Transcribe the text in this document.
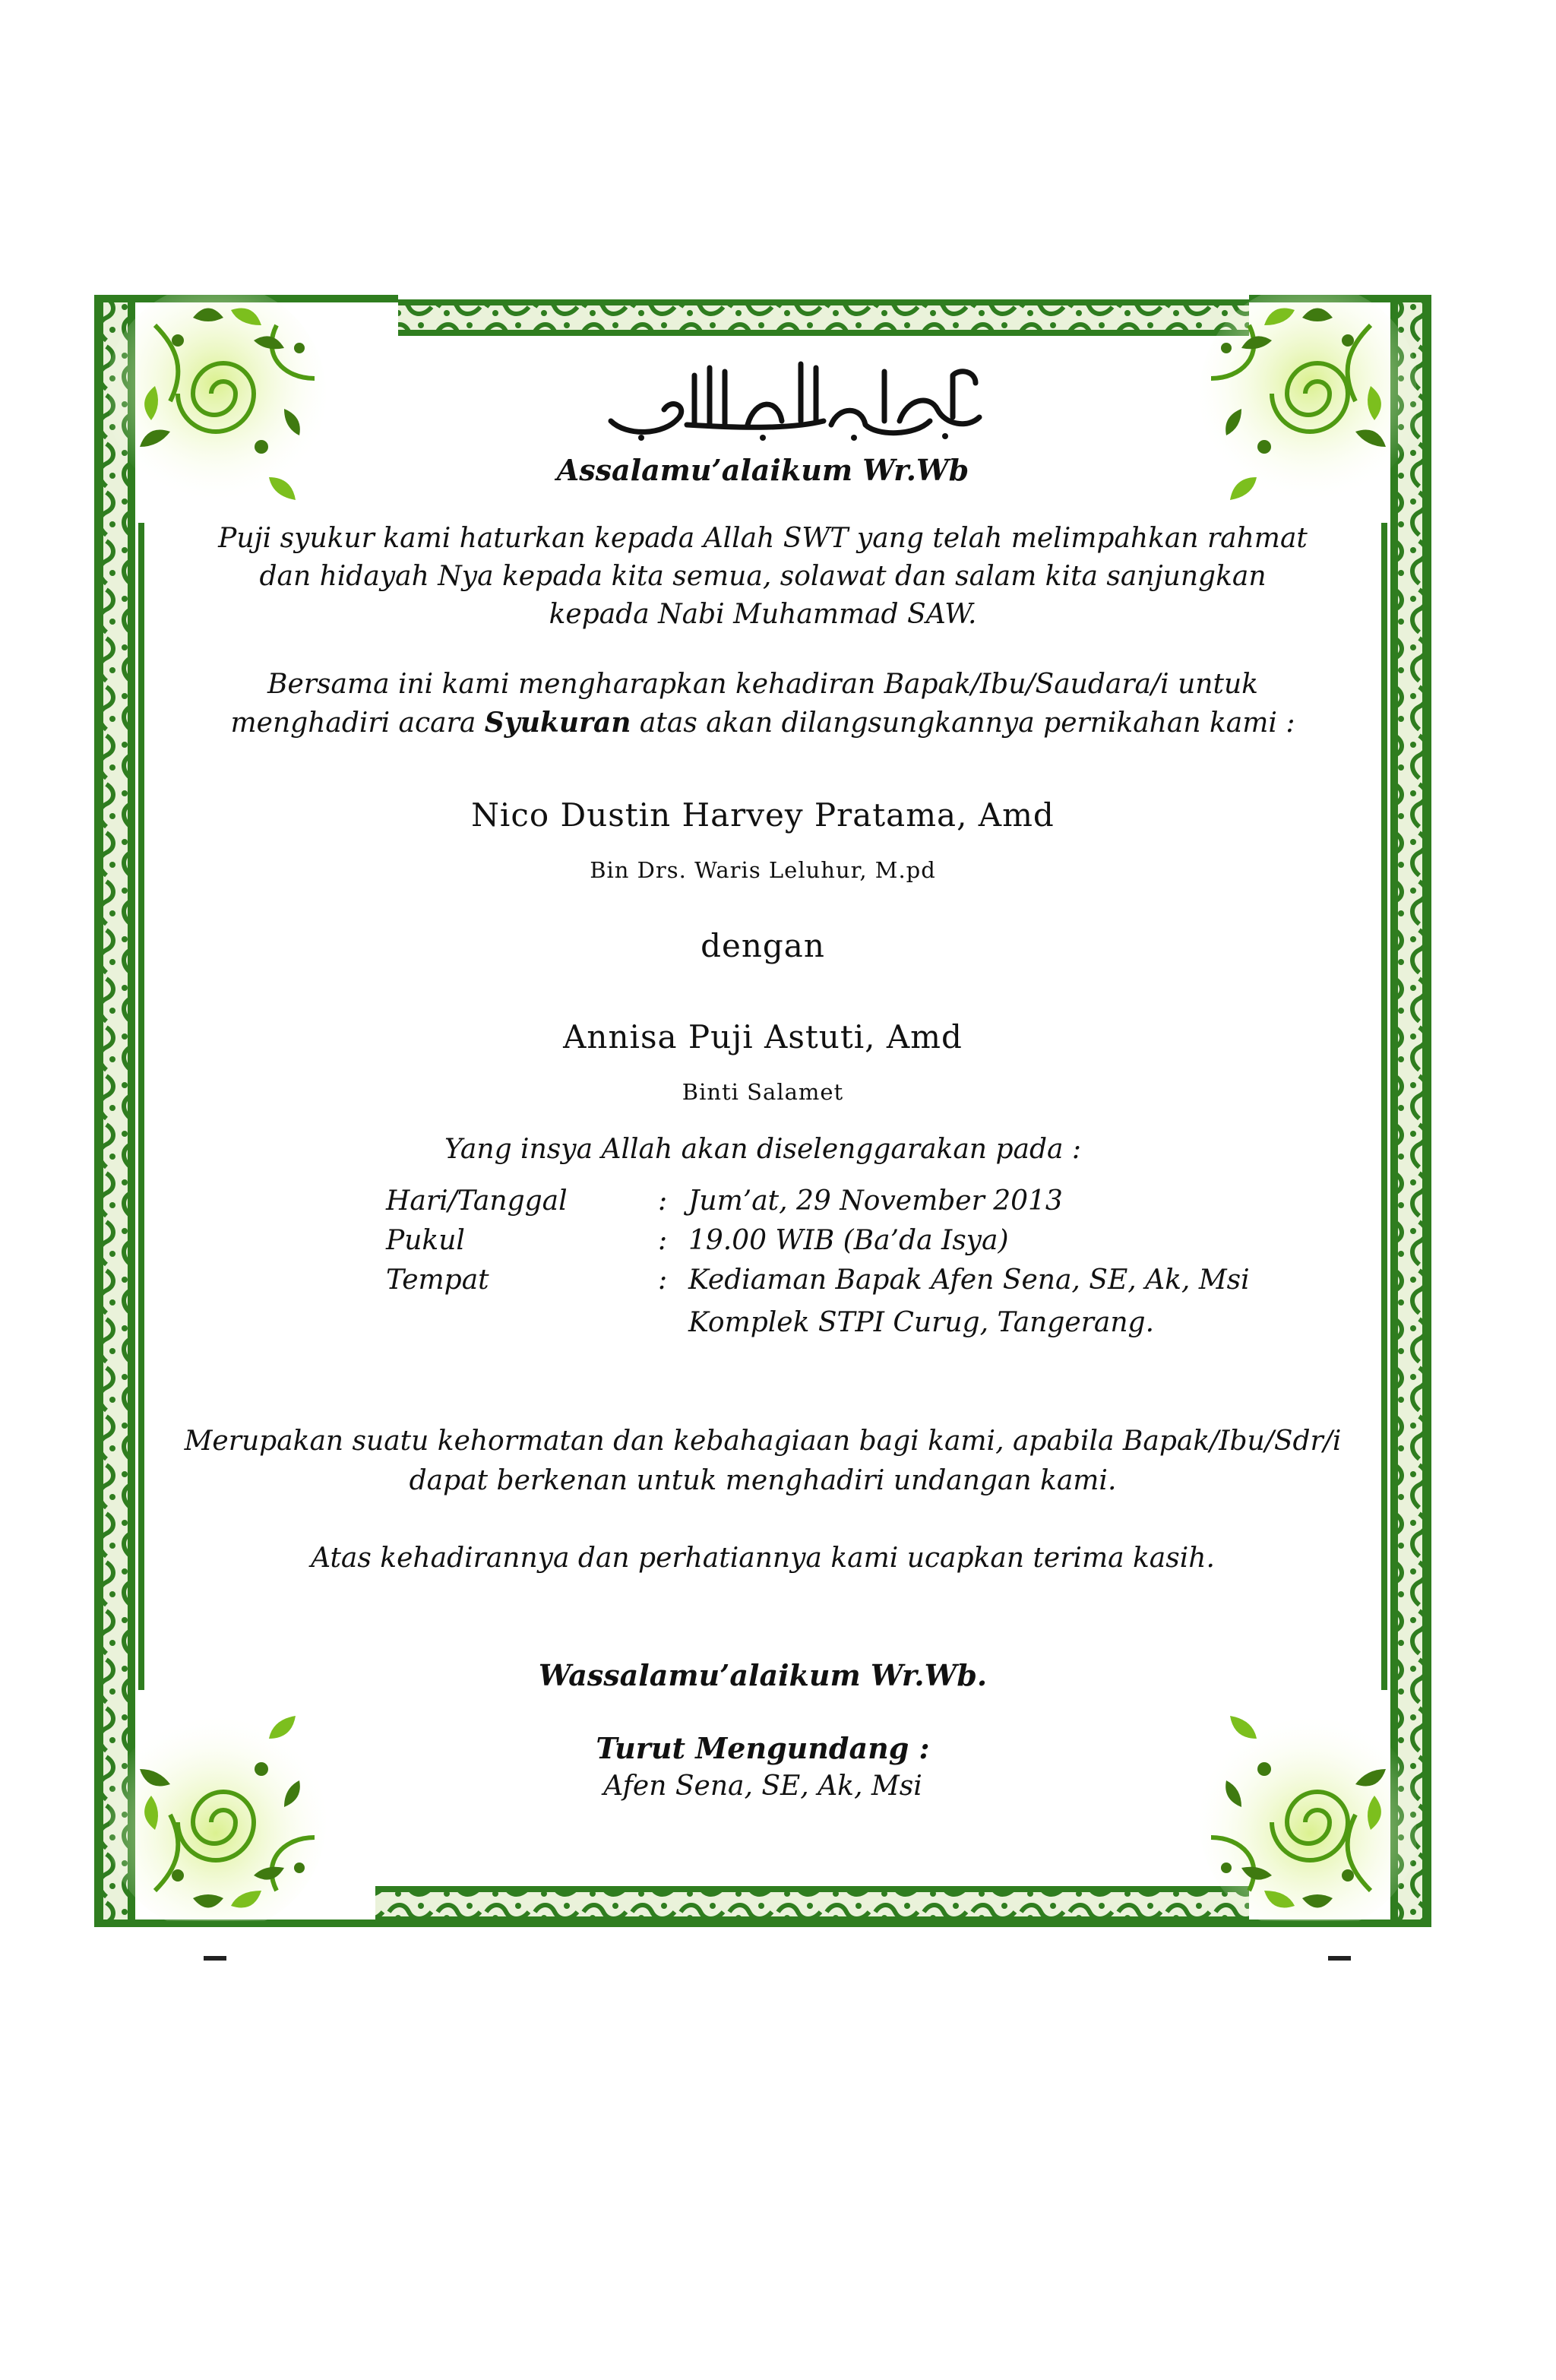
Assalamu’alaikum Wr.Wb
Puji syukur kami haturkan kepada Allah SWT yang telah melimpahkan rahmat
dan hidayah Nya kepada kita semua, solawat dan salam kita sanjungkan
kepada Nabi Muhammad SAW.
Bersama ini kami mengharapkan kehadiran Bapak/Ibu/Saudara/i untuk
menghadiri acara Syukuran atas akan dilangsungkannya pernikahan kami :
Nico Dustin Harvey Pratama, Amd
Bin Drs. Waris Leluhur, M.pd
dengan
Annisa Puji Astuti, Amd
Binti Salamet
Yang insya Allah akan diselenggarakan pada :
Hari/Tanggal	: Jum’at, 29 November 2013
Pukul	: 19.00 WIB (Ba’da Isya)
Tempat	: Kediaman Bapak Afen Sena, SE, Ak, Msi
Komplek STPI Curug, Tangerang.
Merupakan suatu kehormatan dan kebahagiaan bagi kami, apabila Bapak/Ibu/Sdr/i
dapat berkenan untuk menghadiri undangan kami.
Atas kehadirannya dan perhatiannya kami ucapkan terima kasih.
Wassalamu’alaikum Wr.Wb.
Turut Mengundang :
Afen Sena, SE, Ak, Msi
